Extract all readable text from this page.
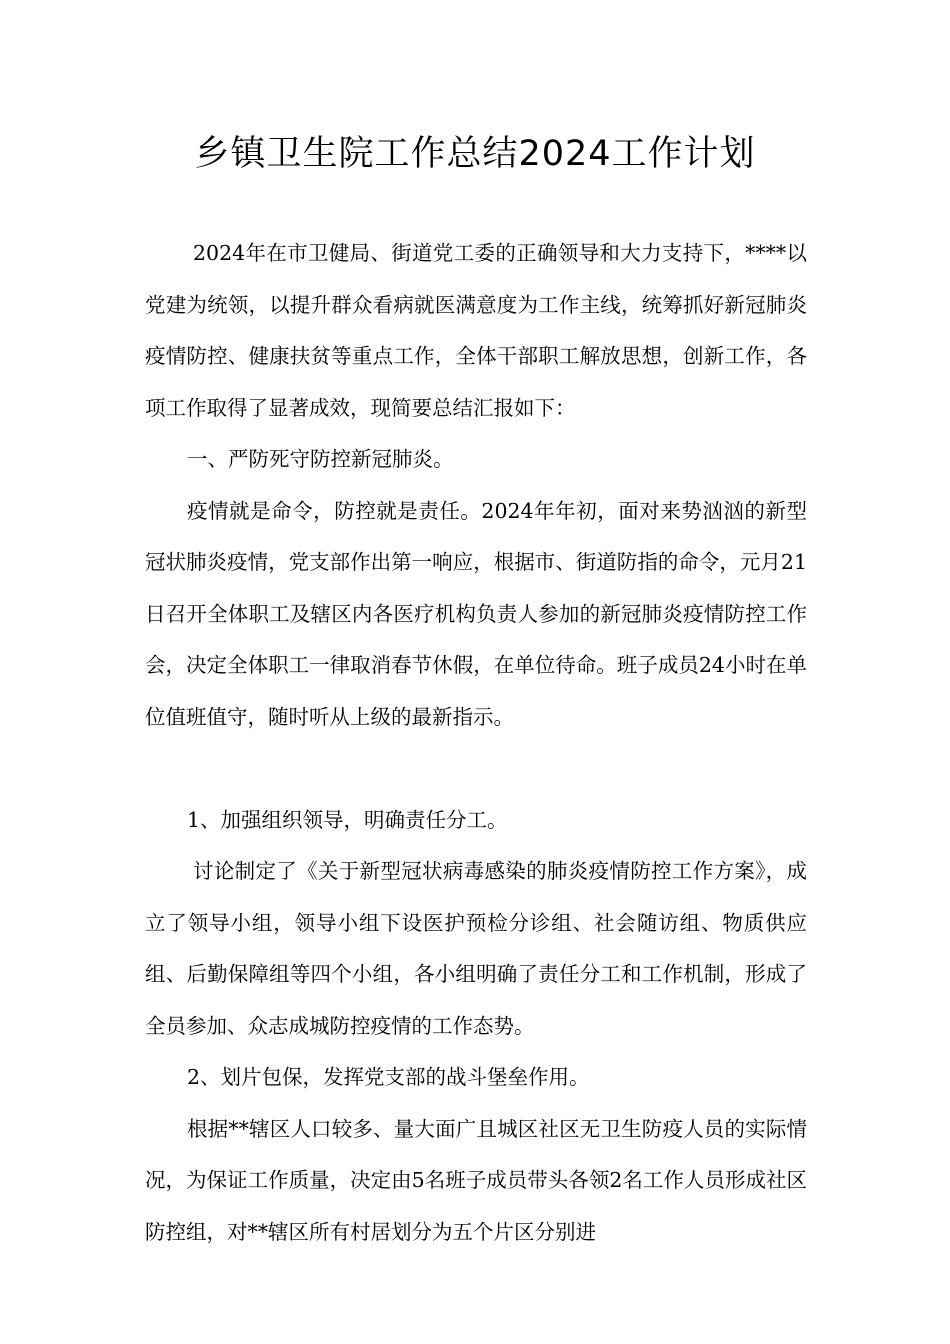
乡镇卫生院工作总结2024工作计划

2024年在市卫健局、街道党工委的正确领导和大力支持下，****以党建为统领，以提升群众看病就医满意度为工作主线，统筹抓好新冠肺炎疫情防控、健康扶贫等重点工作，全体干部职工解放思想，创新工作，各项工作取得了显著成效，现简要总结汇报如下：

一、严防死守防控新冠肺炎。

疫情就是命令，防控就是责任。2024年年初，面对来势汹汹的新型冠状肺炎疫情，党支部作出第一响应，根据市、街道防指的命令，元月21日召开全体职工及辖区内各医疗机构负责人参加的新冠肺炎疫情防控工作会，决定全体职工一律取消春节休假，在单位待命。班子成员24小时在单位值班值守，随时听从上级的最新指示。

1、加强组织领导，明确责任分工。

讨论制定了《关于新型冠状病毒感染的肺炎疫情防控工作方案》，成立了领导小组，领导小组下设医护预检分诊组、社会随访组、物质供应组、后勤保障组等四个小组，各小组明确了责任分工和工作机制，形成了全员参加、众志成城防控疫情的工作态势。

2、划片包保，发挥党支部的战斗堡垒作用。

根据**辖区人口较多、量大面广且城区社区无卫生防疫人员的实际情况，为保证工作质量，决定由5名班子成员带头各领2名工作人员形成社区防控组，对**辖区所有村居划分为五个片区分别进
